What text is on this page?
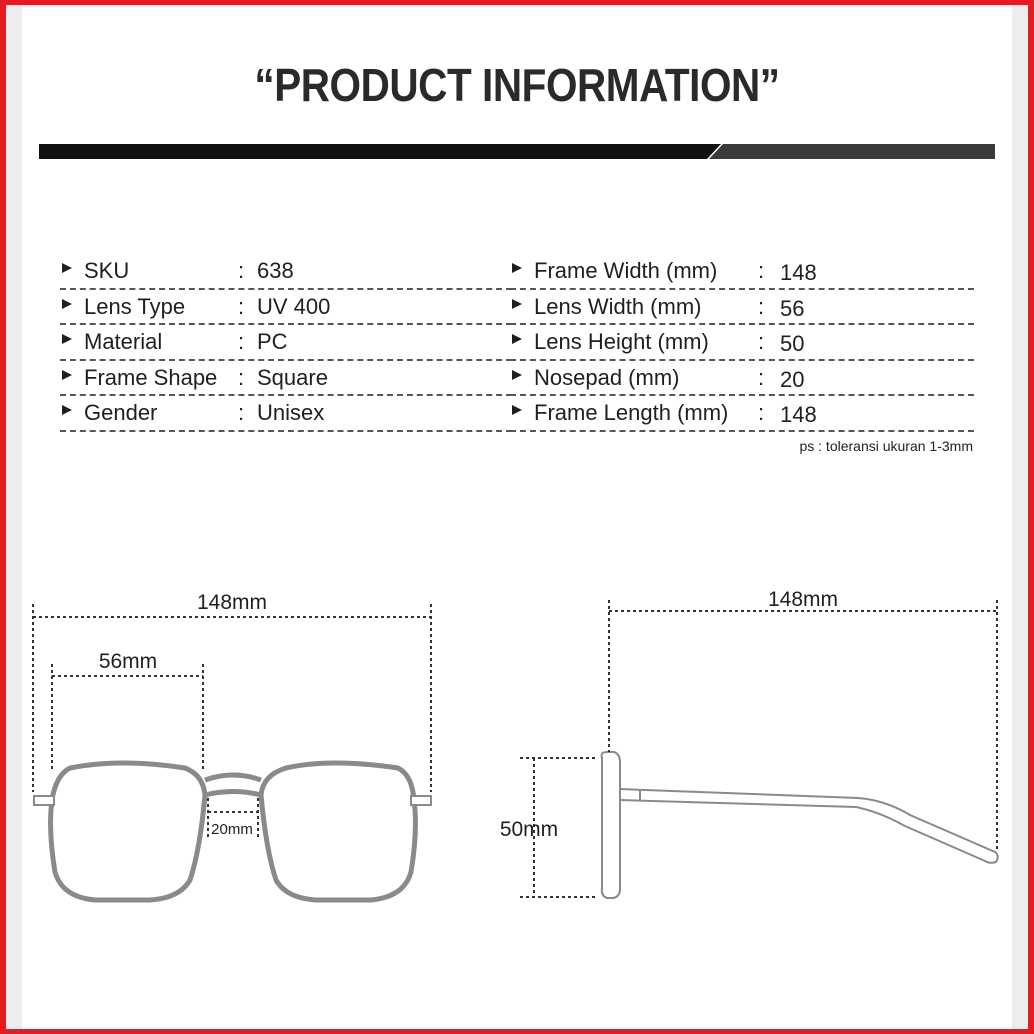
“PRODUCT INFORMATION”
SKU	: 638
Lens Type : UV 400
Material	: PC
Frame Shape : Square
Gender	: Unisex
Frame Width (mm) : 148
Lens Width (mm)	: 56
Lens Height (mm) : 50
Nosepad (mm)	: 20
Frame Length (mm) : 148
ps : toleransi ukuran 1-3mm
148mm
56mm
20mm
148mm
50mm
